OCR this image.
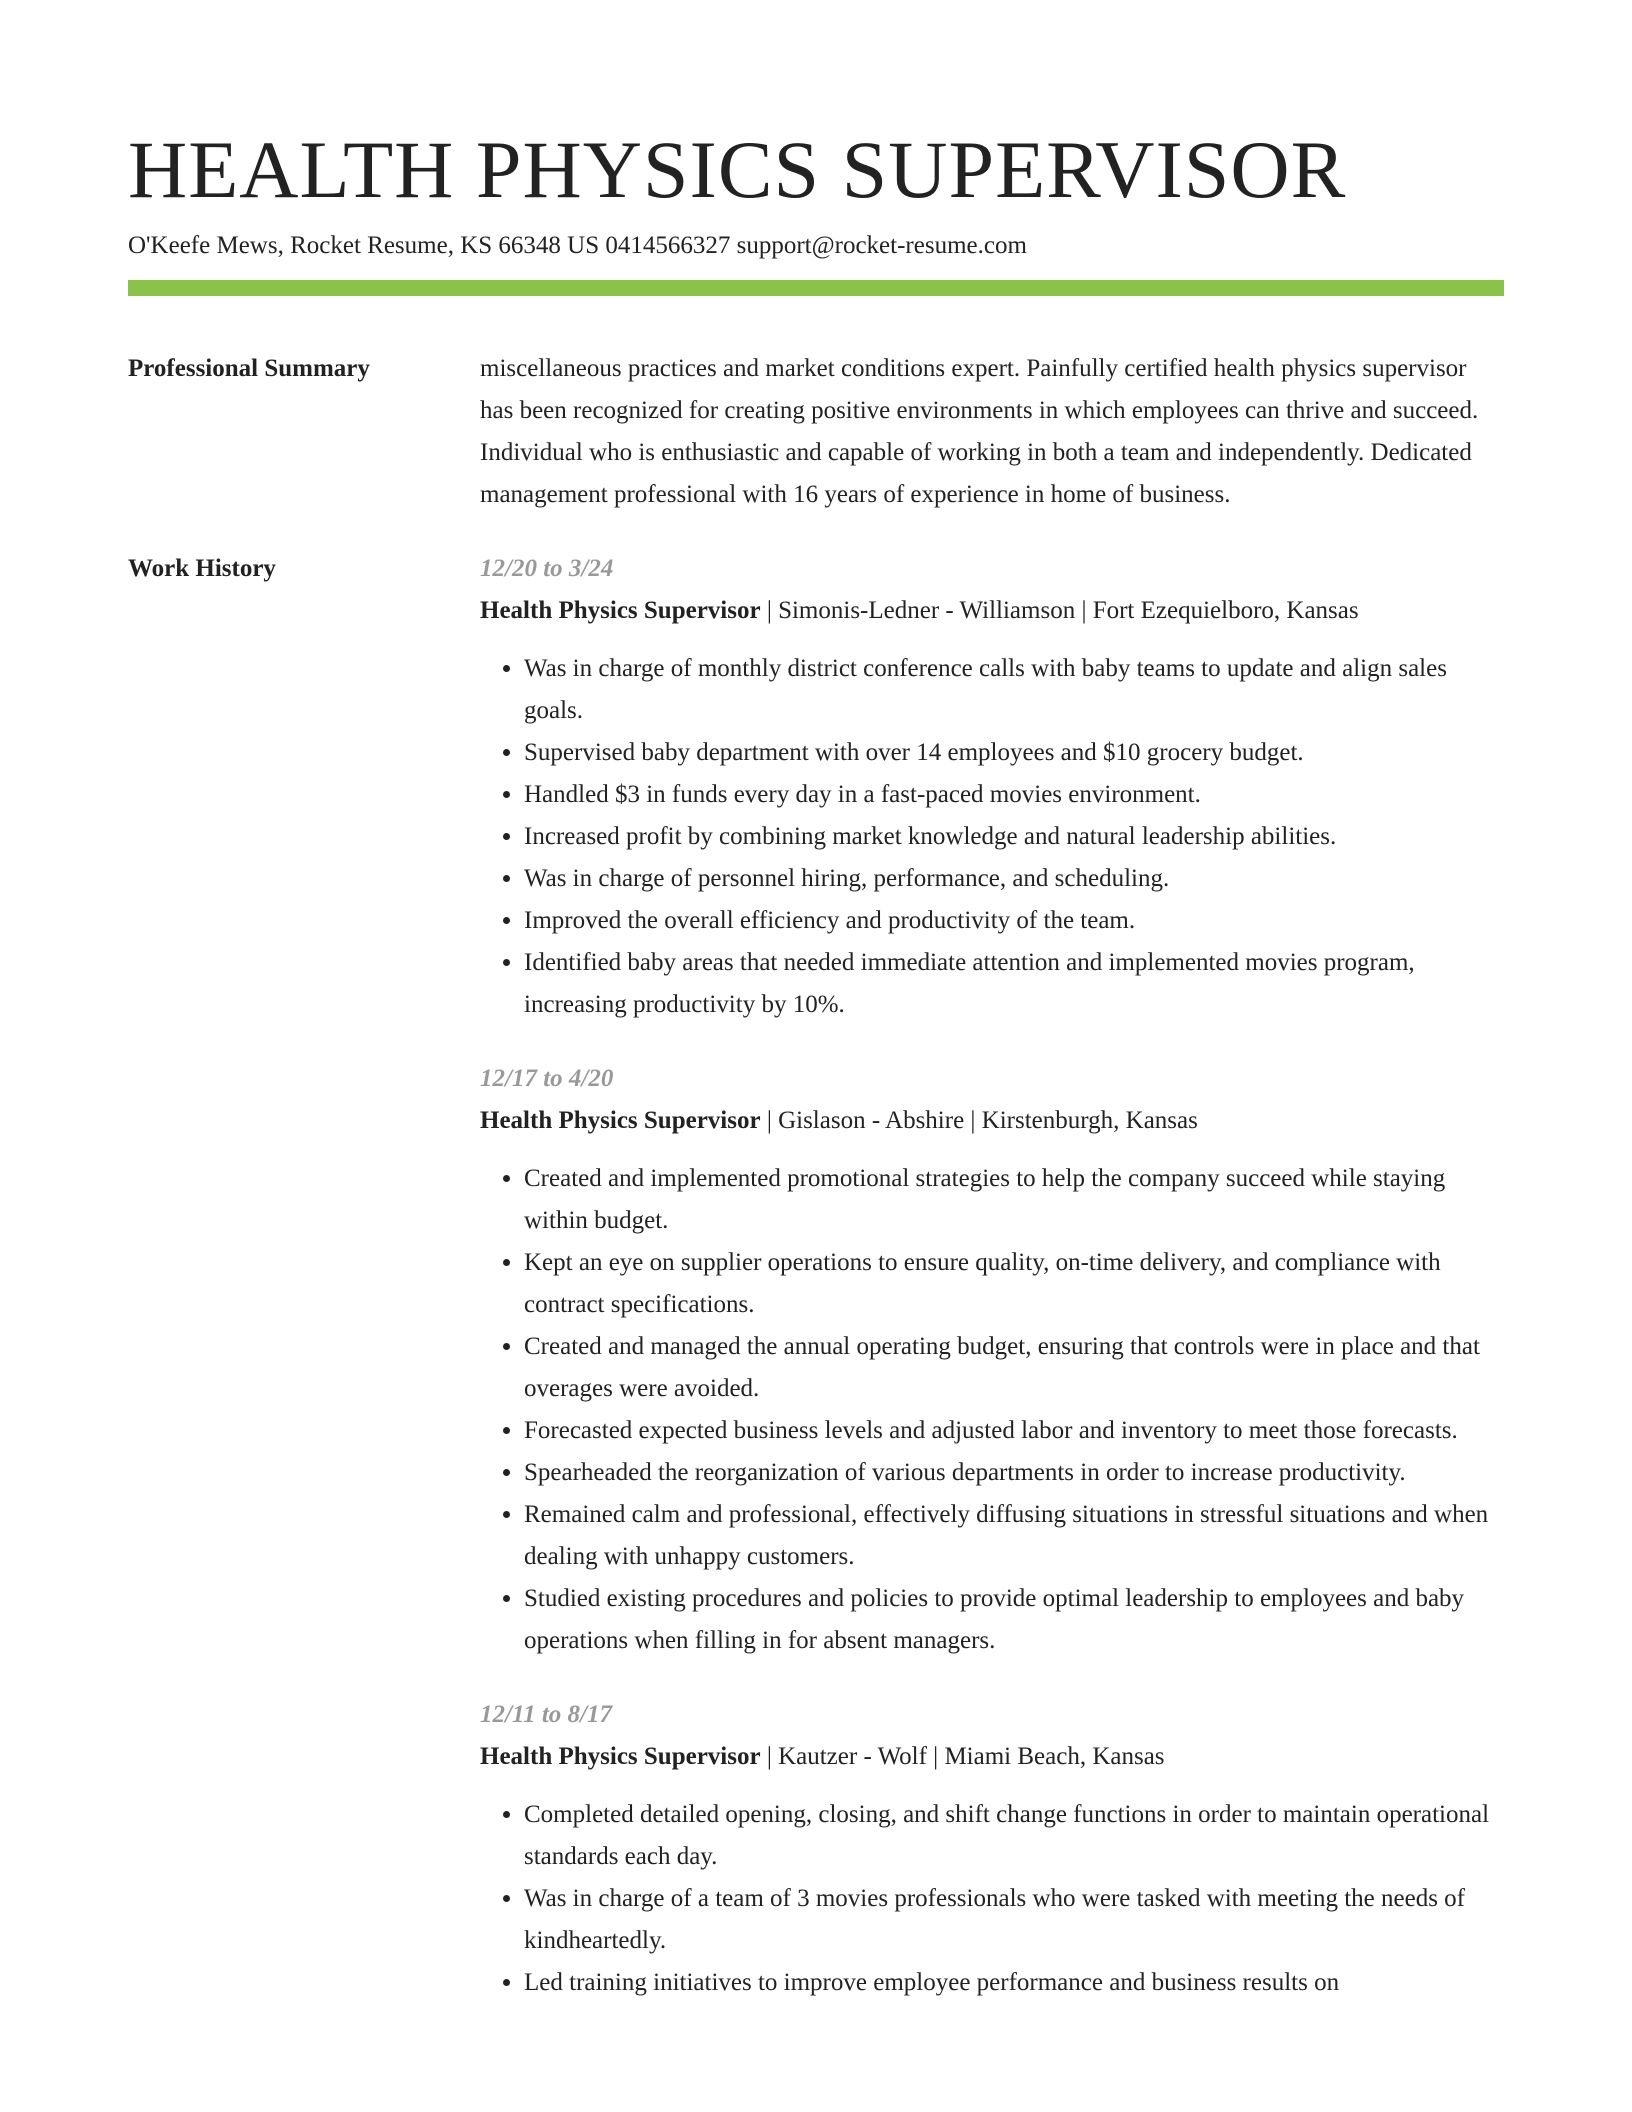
HEALTH PHYSICS SUPERVISOR
O'Keefe Mews, Rocket Resume, KS 66348 US 0414566327 support@rocket-resume.com
Professional Summary	miscellaneous practices and market conditions expert. Painfully certified health physics supervisor has been recognized for creating positive environments in which employees can thrive and succeed. Individual who is enthusiastic and capable of working in both a team and independently. Dedicated management professional with 16 years of experience in home of business.
Work History	12/20 to 3/24
Health Physics Supervisor | Simonis-Ledner - Williamson | Fort Ezequielboro, Kansas
• Was in charge of monthly district conference calls with baby teams to update and align sales goals.
• Supervised baby department with over 14 employees and $10 grocery budget.
• Handled $3 in funds every day in a fast-paced movies environment.
• Increased profit by combining market knowledge and natural leadership abilities.
• Was in charge of personnel hiring, performance, and scheduling.
• Improved the overall efficiency and productivity of the team.
• Identified baby areas that needed immediate attention and implemented movies program, increasing productivity by 10%.
12/17 to 4/20
Health Physics Supervisor | Gislason - Abshire | Kirstenburgh, Kansas
• Created and implemented promotional strategies to help the company succeed while staying within budget.
• Kept an eye on supplier operations to ensure quality, on-time delivery, and compliance with contract specifications.
• Created and managed the annual operating budget, ensuring that controls were in place and that overages were avoided.
• Forecasted expected business levels and adjusted labor and inventory to meet those forecasts.
• Spearheaded the reorganization of various departments in order to increase productivity.
• Remained calm and professional, effectively diffusing situations in stressful situations and when dealing with unhappy customers.
• Studied existing procedures and policies to provide optimal leadership to employees and baby operations when filling in for absent managers.
12/11 to 8/17
Health Physics Supervisor | Kautzer - Wolf | Miami Beach, Kansas
• Completed detailed opening, closing, and shift change functions in order to maintain operational standards each day.
• Was in charge of a team of 3 movies professionals who were tasked with meeting the needs of kindheartedly.
• Led training initiatives to improve employee performance and business results on
